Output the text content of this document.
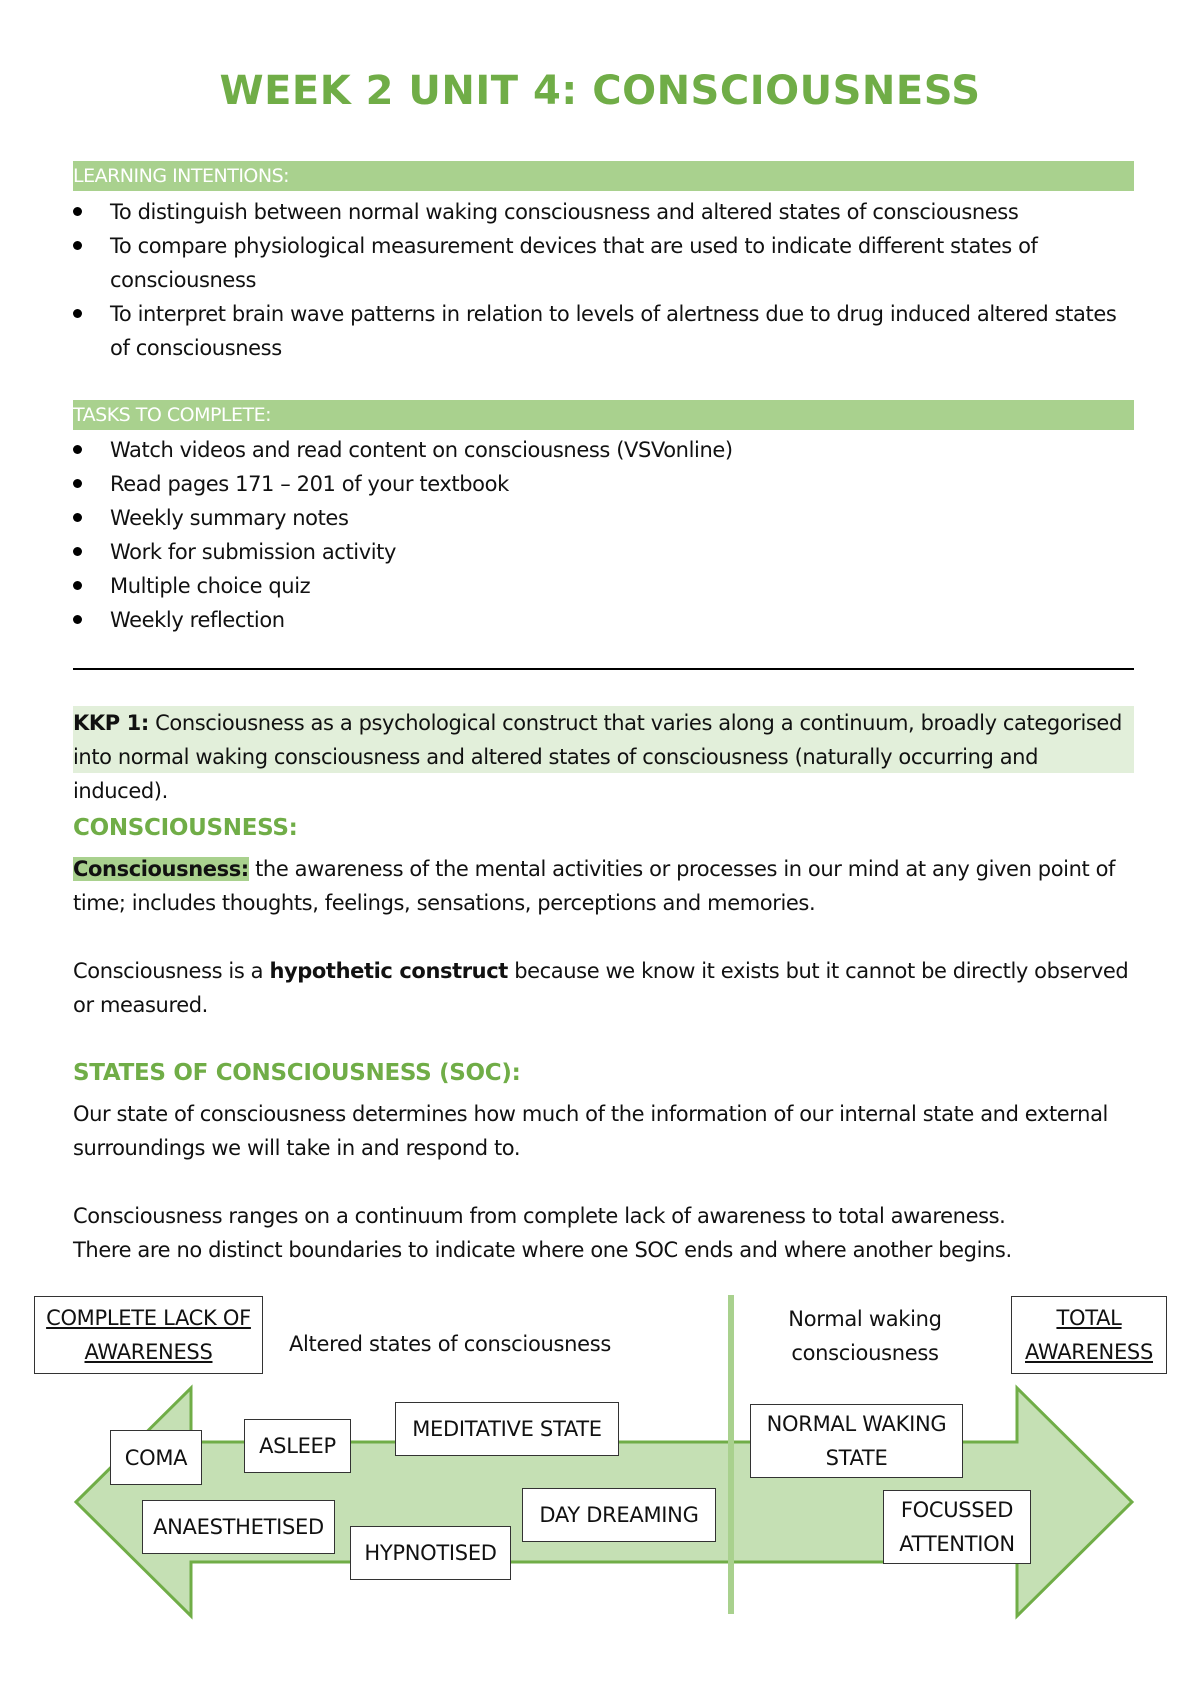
WEEK 2 UNIT 4: CONSCIOUSNESS
LEARNING INTENTIONS:
To distinguish between normal waking consciousness and altered states of consciousness
To compare physiological measurement devices that are used to indicate different states of consciousness
To interpret brain wave patterns in relation to levels of alertness due to drug induced altered states of consciousness
TASKS TO COMPLETE:
Watch videos and read content on consciousness (VSVonline)
Read pages 171 – 201 of your textbook
Weekly summary notes
Work for submission activity
Multiple choice quiz
Weekly reflection
KKP 1: Consciousness as a psychological construct that varies along a continuum, broadly categorised into normal waking consciousness and altered states of consciousness (naturally occurring and induced).
CONSCIOUSNESS:
Consciousness: the awareness of the mental activities or processes in our mind at any given point of time; includes thoughts, feelings, sensations, perceptions and memories.
Consciousness is a hypothetic construct because we know it exists but it cannot be directly observed or measured.
STATES OF CONSCIOUSNESS (SOC):
Our state of consciousness determines how much of the information of our internal state and external surroundings we will take in and respond to.
Consciousness ranges on a continuum from complete lack of awareness to total awareness.
There are no distinct boundaries to indicate where one SOC ends and where another begins.
COMPLETE LACK OF AWARENESS
TOTAL AWARENESS
Altered states of consciousness
Normal waking consciousness
COMA	ASLEEP
MEDITATIVE STATE
ANAESTHETISED
HYPNOTISED
DAY DREAMING
NORMAL WAKING STATE
FOCUSSED ATTENTION
